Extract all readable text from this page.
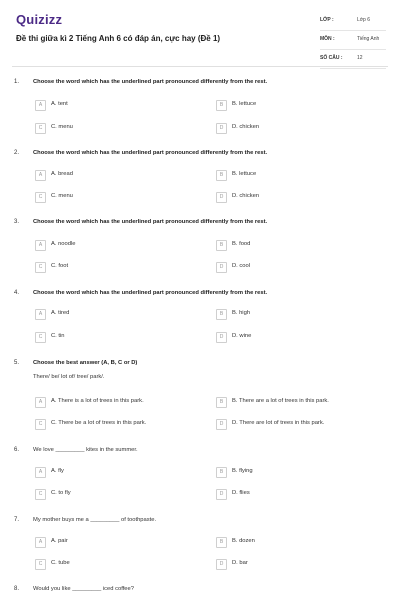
Quizizz
Đề thi giữa kì 2 Tiếng Anh 6 có đáp án, cực hay (Đề 1)
LỚP :	Lớp 6
MÔN :	Tiếng Anh
SỐ CÂU :	12
1. Choose the word which has the underlined part pronounced differently from the rest.
A	A. tent	B	B. lettuce
C	C. menu	D	D. chicken
2. Choose the word which has the underlined part pronounced differently from the rest.
A	A. bread	B	B. lettuce
C	C. menu	D	D. chicken
3. Choose the word which has the underlined part pronounced differently from the rest.
A	A. noodle	B	B. food
C	C. foot	D	D. cool
4. Choose the word which has the underlined part pronounced differently from the rest.
A	A. tired	B	B. high
C	C. tin	D	D. wine
5. Choose the best answer (A, B, C or D)
There/ be/ lot of/ tree/ park/.
A	A. There is a lot of trees in this park.	B	B. There are a lot of trees in this park.
C	C. There be a lot of trees in this park.	D	D. There are lot of trees in this park.
6. We love _________ kites in the summer.
A	A. fly	B	B. flying
C	C. to fly	D	D. flies
7. My mother buys me a _________ of toothpaste.
A	A. pair	B	B. dozen
C	C. tube	D	D. bar
8. Would you like _________ iced coffee?
